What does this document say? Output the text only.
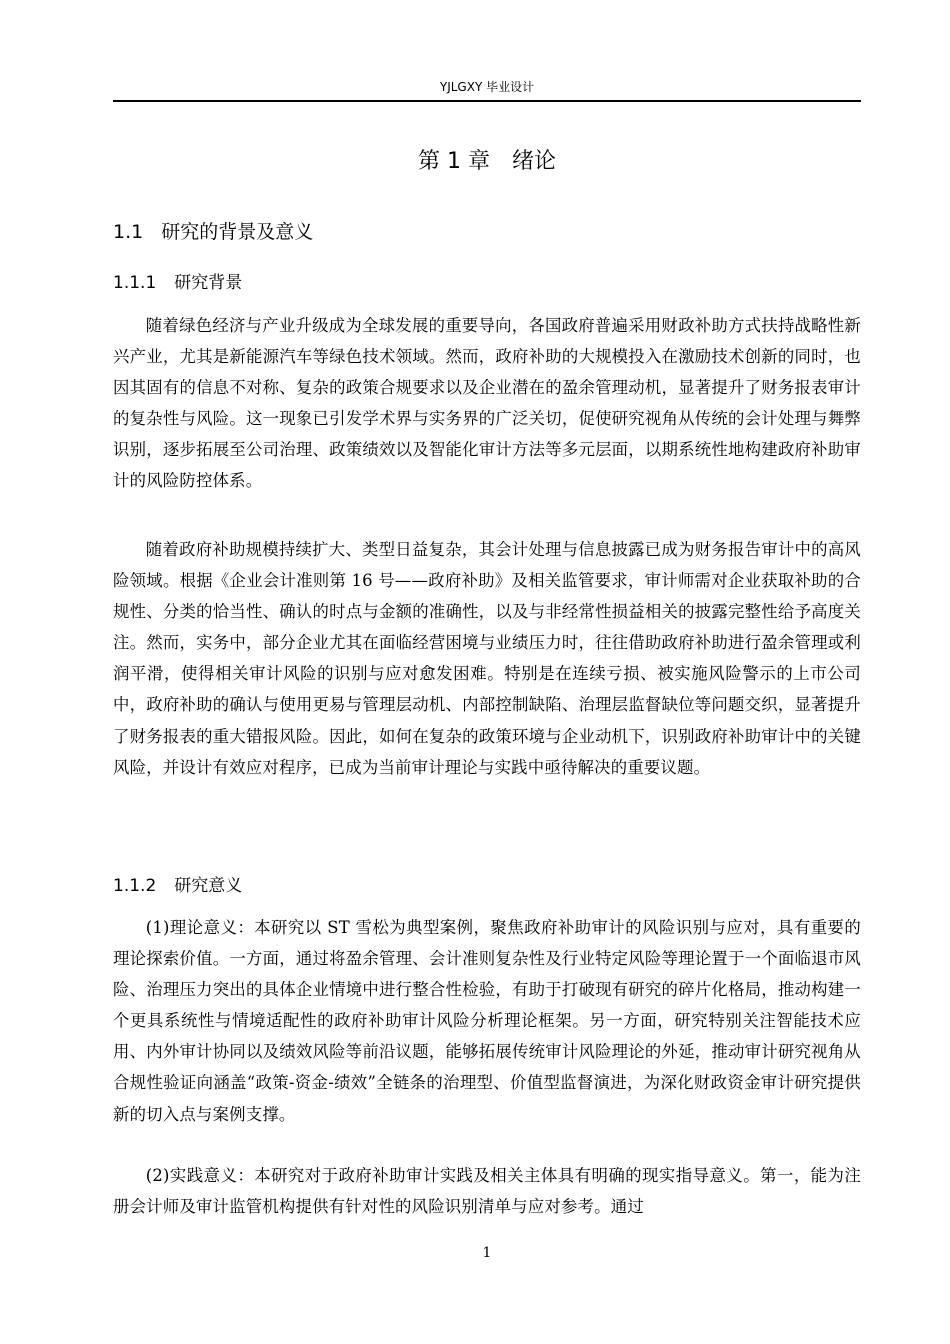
YJLGXY 毕业设计
第 1 章　绪论
1.1 研究的背景及意义
1.1.1 研究背景

随着绿色经济与产业升级成为全球发展的重要导向，各国政府普遍采用财政补助方式扶持战略性新兴产业，尤其是新能源汽车等绿色技术领域。然而，政府补助的大规模投入在激励技术创新的同时，也因其固有的信息不对称、复杂的政策合规要求以及企业潜在的盈余管理动机，显著提升了财务报表审计的复杂性与风险。这一现象已引发学术界与实务界的广泛关切，促使研究视角从传统的会计处理与舞弊识别，逐步拓展至公司治理、政策绩效以及智能化审计方法等多元层面，以期系统性地构建政府补助审计的风险防控体系。

随着政府补助规模持续扩大、类型日益复杂，其会计处理与信息披露已成为财务报告审计中的高风险领域。根据《企业会计准则第 16 号——政府补助》及相关监管要求，审计师需对企业获取补助的合规性、分类的恰当性、确认的时点与金额的准确性，以及与非经常性损益相关的披露完整性给予高度关注。然而，实务中，部分企业尤其在面临经营困境与业绩压力时，往往借助政府补助进行盈余管理或利润平滑，使得相关审计风险的识别与应对愈发困难。特别是在连续亏损、被实施风险警示的上市公司中，政府补助的确认与使用更易与管理层动机、内部控制缺陷、治理层监督缺位等问题交织，显著提升了财务报表的重大错报风险。因此，如何在复杂的政策环境与企业动机下，识别政府补助审计中的关键风险，并设计有效应对程序，已成为当前审计理论与实践中亟待解决的重要议题。

1.1.2 研究意义

(1)理论意义：本研究以 ST 雪松为典型案例，聚焦政府补助审计的风险识别与应对，具有重要的理论探索价值。一方面，通过将盈余管理、会计准则复杂性及行业特定风险等理论置于一个面临退市风险、治理压力突出的具体企业情境中进行整合性检验，有助于打破现有研究的碎片化格局，推动构建一个更具系统性与情境适配性的政府补助审计风险分析理论框架。另一方面，研究特别关注智能技术应用、内外审计协同以及绩效风险等前沿议题，能够拓展传统审计风险理论的外延，推动审计研究视角从合规性验证向涵盖“政策-资金-绩效”全链条的治理型、价值型监督演进，为深化财政资金审计研究提供新的切入点与案例支撑。

(2)实践意义：本研究对于政府补助审计实践及相关主体具有明确的现实指导意义。第一，能为注册会计师及审计监管机构提供有针对性的风险识别清单与应对参考。通过

1
